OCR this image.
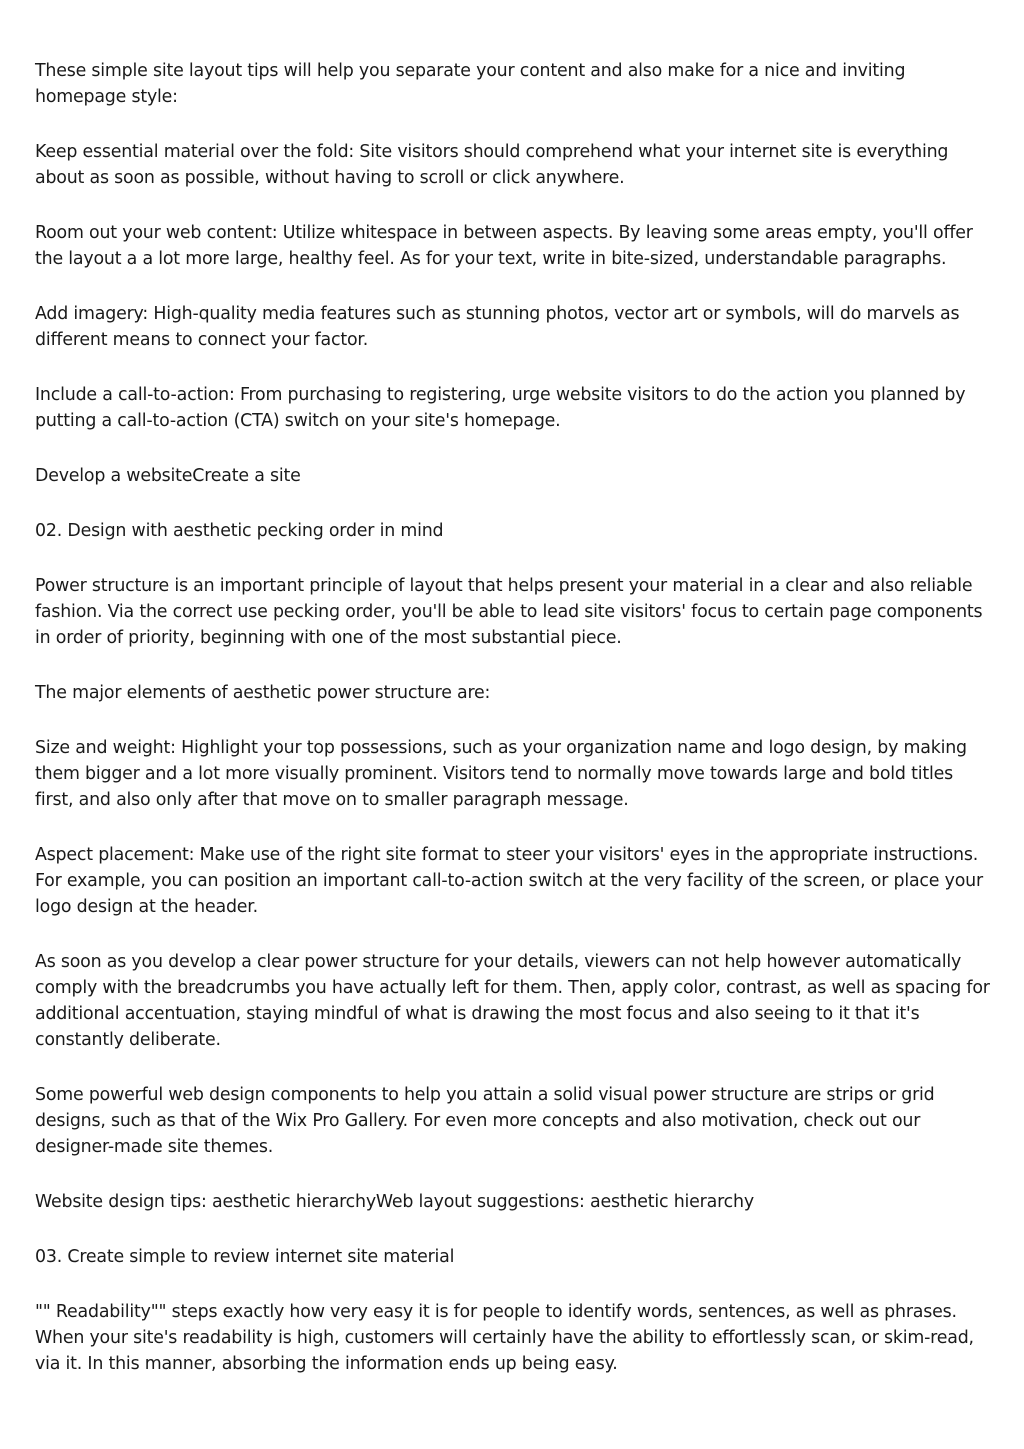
These simple site layout tips will help you separate your content and also make for a nice and inviting homepage style:

Keep essential material over the fold: Site visitors should comprehend what your internet site is everything about as soon as possible, without having to scroll or click anywhere.

Room out your web content: Utilize whitespace in between aspects. By leaving some areas empty, you'll offer the layout a a lot more large, healthy feel. As for your text, write in bite-sized, understandable paragraphs.

Add imagery: High-quality media features such as stunning photos, vector art or symbols, will do marvels as different means to connect your factor.

Include a call-to-action: From purchasing to registering, urge website visitors to do the action you planned by putting a call-to-action (CTA) switch on your site's homepage.

Develop a websiteCreate a site

02. Design with aesthetic pecking order in mind

Power structure is an important principle of layout that helps present your material in a clear and also reliable fashion. Via the correct use pecking order, you'll be able to lead site visitors' focus to certain page components in order of priority, beginning with one of the most substantial piece.

The major elements of aesthetic power structure are:

Size and weight: Highlight your top possessions, such as your organization name and logo design, by making them bigger and a lot more visually prominent. Visitors tend to normally move towards large and bold titles first, and also only after that move on to smaller paragraph message.

Aspect placement: Make use of the right site format to steer your visitors' eyes in the appropriate instructions. For example, you can position an important call-to-action switch at the very facility of the screen, or place your logo design at the header.

As soon as you develop a clear power structure for your details, viewers can not help however automatically comply with the breadcrumbs you have actually left for them. Then, apply color, contrast, as well as spacing for additional accentuation, staying mindful of what is drawing the most focus and also seeing to it that it's constantly deliberate.

Some powerful web design components to help you attain a solid visual power structure are strips or grid designs, such as that of the Wix Pro Gallery. For even more concepts and also motivation, check out our designer-made site themes.

Website design tips: aesthetic hierarchyWeb layout suggestions: aesthetic hierarchy

03. Create simple to review internet site material

"" Readability"" steps exactly how very easy it is for people to identify words, sentences, as well as phrases. When your site's readability is high, customers will certainly have the ability to effortlessly scan, or skim-read, via it. In this manner, absorbing the information ends up being easy.
